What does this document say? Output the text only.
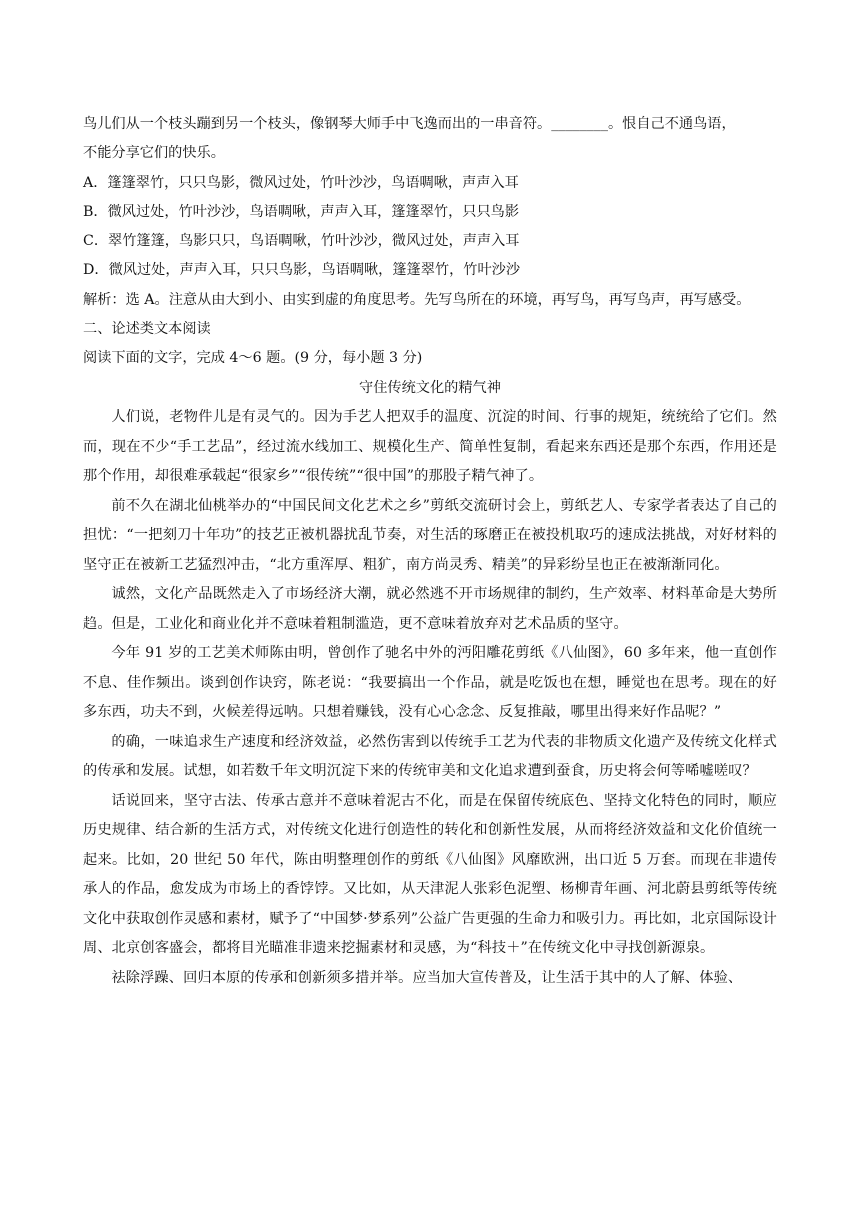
鸟儿们从一个枝头蹦到另一个枝头，像钢琴大师手中飞逸而出的一串音符。________。恨自己不通鸟语，

不能分享它们的快乐。

A．篷篷翠竹，只只鸟影，微风过处，竹叶沙沙，鸟语啁啾，声声入耳

B．微风过处，竹叶沙沙，鸟语啁啾，声声入耳，篷篷翠竹，只只鸟影

C．翠竹篷篷，鸟影只只，鸟语啁啾，竹叶沙沙，微风过处，声声入耳

D．微风过处，声声入耳，只只鸟影，鸟语啁啾，篷篷翠竹，竹叶沙沙

解析：选 A。注意从由大到小、由实到虚的角度思考。先写鸟所在的环境，再写鸟，再写鸟声，再写感受。

二、论述类文本阅读

阅读下面的文字，完成 4～6 题。(9 分，每小题 3 分)

守住传统文化的精气神

人们说，老物件儿是有灵气的。因为手艺人把双手的温度、沉淀的时间、行事的规矩，统统给了它们。然而，现在不少“手工艺品”，经过流水线加工、规模化生产、简单性复制，看起来东西还是那个东西，作用还是那个作用，却很难承载起“很家乡”“很传统”“很中国”的那股子精气神了。

前不久在湖北仙桃举办的“中国民间文化艺术之乡”剪纸交流研讨会上，剪纸艺人、专家学者表达了自己的担忧：“一把刻刀十年功”的技艺正被机器扰乱节奏，对生活的琢磨正在被投机取巧的速成法挑战，对好材料的坚守正在被新工艺猛烈冲击，“北方重浑厚、粗犷，南方尚灵秀、精美”的异彩纷呈也正在被渐渐同化。

诚然，文化产品既然走入了市场经济大潮，就必然逃不开市场规律的制约，生产效率、材料革命是大势所趋。但是，工业化和商业化并不意味着粗制滥造，更不意味着放弃对艺术品质的坚守。

今年 91 岁的工艺美术师陈由明，曾创作了驰名中外的沔阳雕花剪纸《八仙图》，60 多年来，他一直创作不息、佳作频出。谈到创作诀窍，陈老说：“我要搞出一个作品，就是吃饭也在想，睡觉也在思考。现在的好多东西，功夫不到，火候差得远呐。只想着赚钱，没有心心念念、反复推敲，哪里出得来好作品呢？”

的确，一味追求生产速度和经济效益，必然伤害到以传统手工艺为代表的非物质文化遗产及传统文化样式的传承和发展。试想，如若数千年文明沉淀下来的传统审美和文化追求遭到蚕食，历史将会何等唏嘘嗟叹？

话说回来，坚守古法、传承古意并不意味着泥古不化，而是在保留传统底色、坚持文化特色的同时，顺应历史规律、结合新的生活方式，对传统文化进行创造性的转化和创新性发展，从而将经济效益和文化价值统一起来。比如，20 世纪 50 年代，陈由明整理创作的剪纸《八仙图》风靡欧洲，出口近 5 万套。而现在非遗传承人的作品，愈发成为市场上的香饽饽。又比如，从天津泥人张彩色泥塑、杨柳青年画、河北蔚县剪纸等传统文化中获取创作灵感和素材，赋予了“中国梦·梦系列”公益广告更强的生命力和吸引力。再比如，北京国际设计周、北京创客盛会，都将目光瞄准非遗来挖掘素材和灵感，为“科技＋”在传统文化中寻找创新源泉。

祛除浮躁、回归本原的传承和创新须多措并举。应当加大宣传普及，让生活于其中的人了解、体验、
